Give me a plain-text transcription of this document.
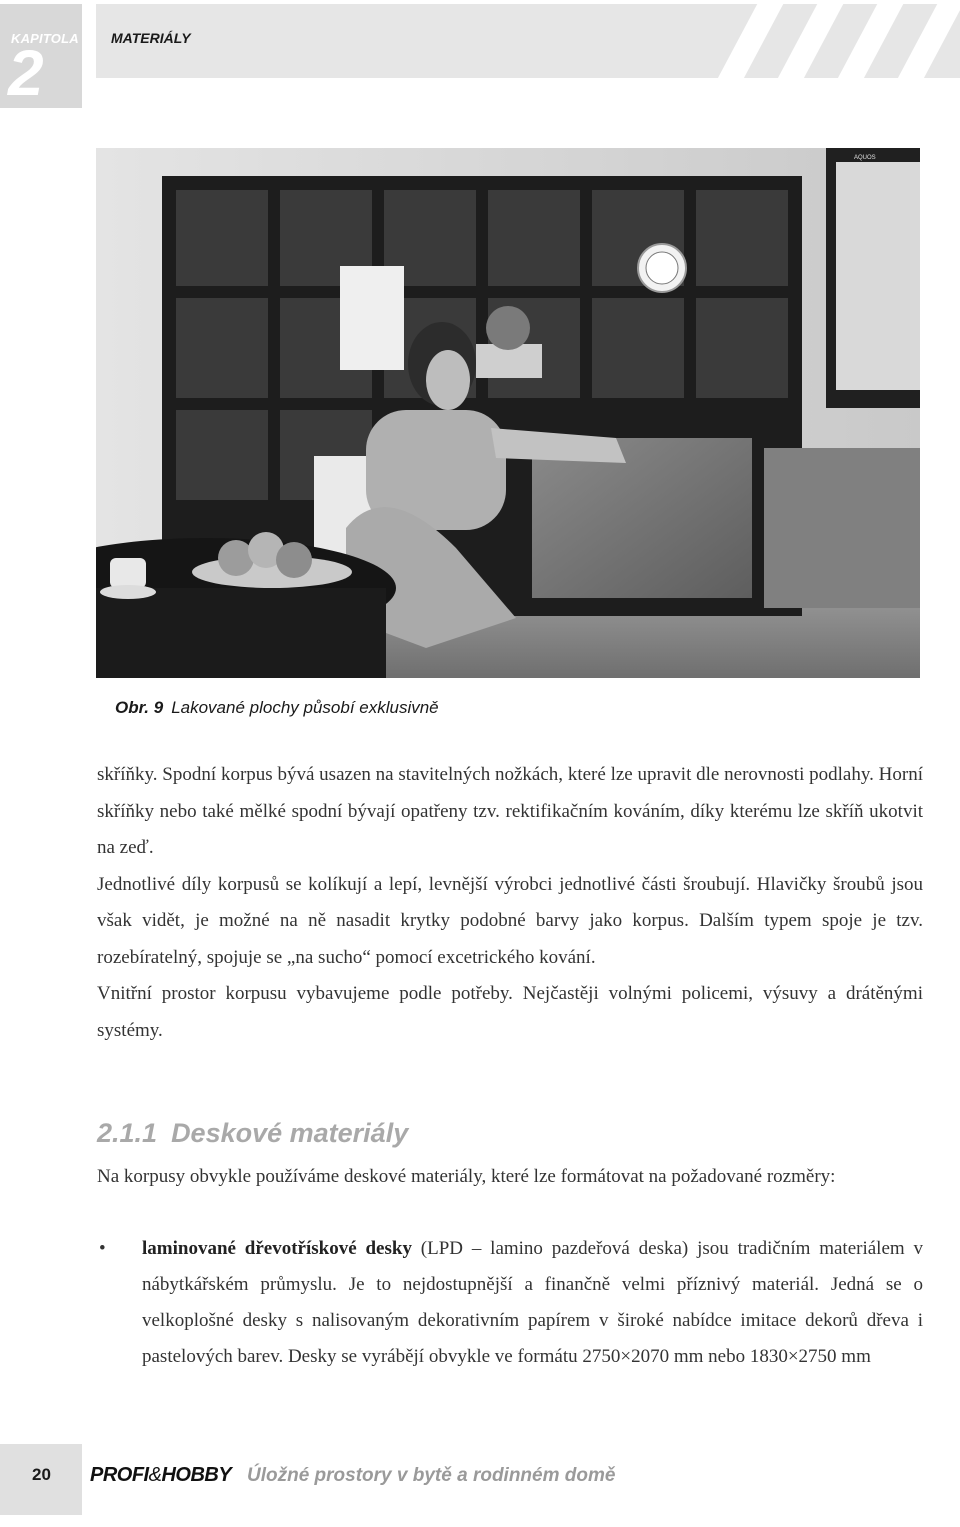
KAPITOLA
2	MATERIÁLY
AQUOS
Obr. 9 Lakované plochy působí exklusivně

skříňky. Spodní korpus bývá usazen na stavitelných nožkách, které lze upravit dle nerovnosti podlahy. Horní skříňky nebo také mělké spodní bývají opatřeny tzv. rektifikačním kováním, díky kterému lze skříň ukotvit na zeď.

Jednotlivé díly korpusů se kolíkují a lepí, levnější výrobci jednotlivé části šroubují. Hlavičky šroubů jsou však vidět, je možné na ně nasadit krytky podobné barvy jako korpus. Dalším typem spoje je tzv. rozebíratelný, spojuje se „na sucho“ pomocí excetrického kování.

Vnitřní prostor korpusu vybavujeme podle potřeby. Nejčastěji volnými policemi, výsuvy a drátěnými systémy.

2.1.1 Deskové materiály

Na korpusy obvykle používáme deskové materiály, které lze formátovat na požadované rozměry:

• laminované dřevotřískové desky (LPD – lamino pazdeřová deska) jsou tradičním materiálem v nábytkářském průmyslu. Je to nejdostupnější a finančně velmi příznivý materiál. Jedná se o velkoplošné desky s nalisovaným dekorativním papírem v široké nabídce imitace dekorů dřeva i pastelových barev. Desky se vyrábějí obvykle ve formátu 2750×2070 mm nebo 1830×2750 mm
20 PROFI&HOBBY Úložné prostory v bytě a rodinném domě
